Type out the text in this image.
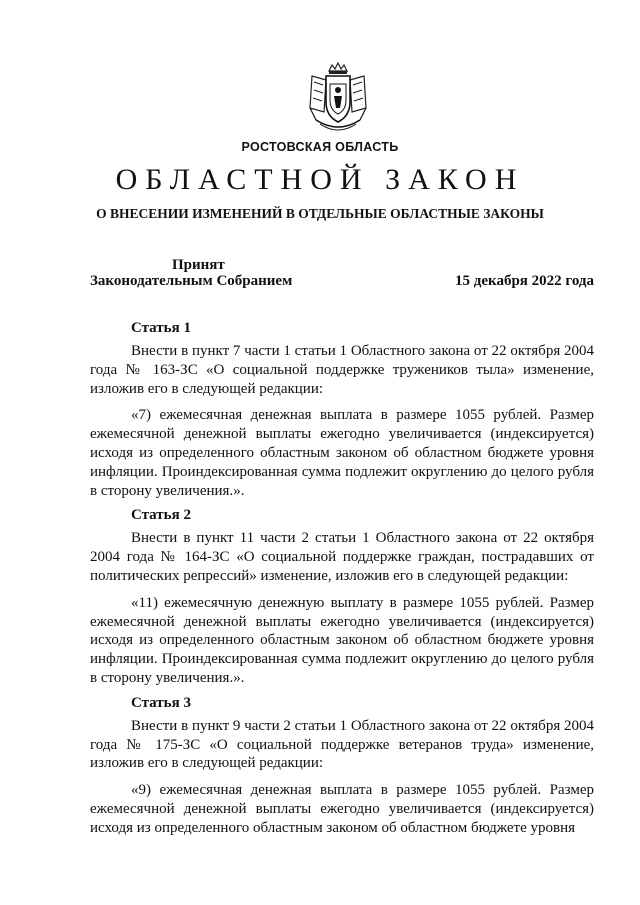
РОСТОВСКАЯ ОБЛАСТЬ
ОБЛАСТНОЙ ЗАКОН
О ВНЕСЕНИИ ИЗМЕНЕНИЙ В ОТДЕЛЬНЫЕ ОБЛАСТНЫЕ ЗАКОНЫ
Принят
Законодательным Собранием	15 декабря 2022 года

Статья 1

Внести в пункт 7 части 1 статьи 1 Областного закона от 22 октября 2004 года № 163-ЗС «О социальной поддержке тружеников тыла» изменение, изложив его в следующей редакции:

«7) ежемесячная денежная выплата в размере 1055 рублей. Размер ежемесячной денежной выплаты ежегодно увеличивается (индексируется) исходя из определенного областным законом об областном бюджете уровня инфляции. Проиндексированная сумма подлежит округлению до целого рубля в сторону увеличения.».

Статья 2

Внести в пункт 11 части 2 статьи 1 Областного закона от 22 октября 2004 года № 164-ЗС «О социальной поддержке граждан, пострадавших от политических репрессий» изменение, изложив его в следующей редакции:

«11) ежемесячную денежную выплату в размере 1055 рублей. Размер ежемесячной денежной выплаты ежегодно увеличивается (индексируется) исходя из определенного областным законом об областном бюджете уровня инфляции. Проиндексированная сумма подлежит округлению до целого рубля в сторону увеличения.».

Статья 3

Внести в пункт 9 части 2 статьи 1 Областного закона от 22 октября 2004 года № 175-ЗС «О социальной поддержке ветеранов труда» изменение, изложив его в следующей редакции:

«9) ежемесячная денежная выплата в размере 1055 рублей. Размер ежемесячной денежной выплаты ежегодно увеличивается (индексируется) исходя из определенного областным законом об областном бюджете уровня
